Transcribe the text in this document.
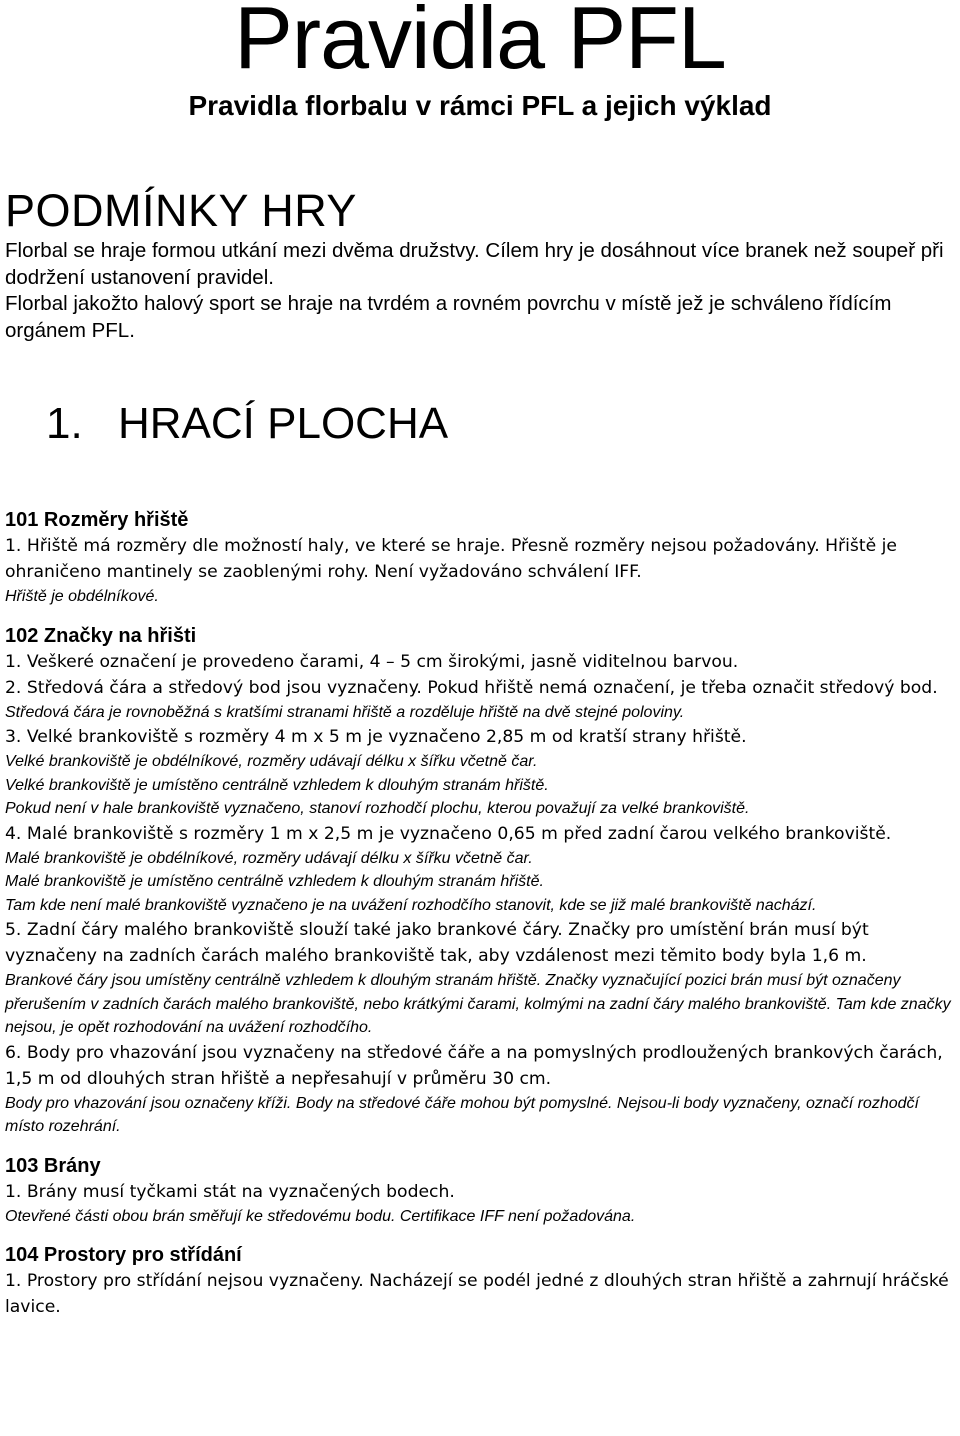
Pravidla PFL
Pravidla florbalu v rámci PFL a jejich výklad
PODMÍNKY HRY

Florbal se hraje formou utkání mezi dvěma družstvy. Cílem hry je dosáhnout více branek než soupeř při dodržení ustanovení pravidel.

Florbal jakožto halový sport se hraje na tvrdém a rovném povrchu v místě jež je schváleno řídícím orgánem PFL.

1. HRACÍ PLOCHA

101 Rozměry hřiště

1. Hřiště má rozměry dle možností haly, ve které se hraje. Přesně rozměry nejsou požadovány. Hřiště je ohraničeno mantinely se zaoblenými rohy. Není vyžadováno schválení IFF.

Hřiště je obdélníkové.

102 Značky na hřišti

1. Veškeré označení je provedeno čarami, 4 – 5 cm širokými, jasně viditelnou barvou.

2. Středová čára a středový bod jsou vyznačeny. Pokud hřiště nemá označení, je třeba označit středový bod.

Středová čára je rovnoběžná s kratšími stranami hřiště a rozděluje hřiště na dvě stejné poloviny.

3. Velké brankoviště s rozměry 4 m x 5 m je vyznačeno 2,85 m od kratší strany hřiště.

Velké brankoviště je obdélníkové, rozměry udávají délku x šířku včetně čar.

Velké brankoviště je umístěno centrálně vzhledem k dlouhým stranám hřiště.

Pokud není v hale brankoviště vyznačeno, stanoví rozhodčí plochu, kterou považují za velké brankoviště.

4. Malé brankoviště s rozměry 1 m x 2,5 m je vyznačeno 0,65 m před zadní čarou velkého brankoviště.

Malé brankoviště je obdélníkové, rozměry udávají délku x šířku včetně čar.

Malé brankoviště je umístěno centrálně vzhledem k dlouhým stranám hřiště.

Tam kde není malé brankoviště vyznačeno je na uvážení rozhodčího stanovit, kde se již malé brankoviště nachází.

5. Zadní čáry malého brankoviště slouží také jako brankové čáry. Značky pro umístění brán musí být vyznačeny na zadních čarách malého brankoviště tak, aby vzdálenost mezi těmito body byla 1,6 m.

Brankové čáry jsou umístěny centrálně vzhledem k dlouhým stranám hřiště. Značky vyznačující pozici brán musí být označeny přerušením v zadních čarách malého brankoviště, nebo krátkými čarami, kolmými na zadní čáry malého brankoviště. Tam kde značky nejsou, je opět rozhodování na uvážení rozhodčího.

6. Body pro vhazování jsou vyznačeny na středové čáře a na pomyslných prodloužených brankových čarách, 1,5 m od dlouhých stran hřiště a nepřesahují v průměru 30 cm.

Body pro vhazování jsou označeny kříži. Body na středové čáře mohou být pomyslné. Nejsou-li body vyznačeny, označí rozhodčí místo rozehrání.

103 Brány

1. Brány musí tyčkami stát na vyznačených bodech.

Otevřené části obou brán směřují ke středovému bodu. Certifikace IFF není požadována.

104 Prostory pro střídání

1. Prostory pro střídání nejsou vyznačeny. Nacházejí se podél jedné z dlouhých stran hřiště a zahrnují hráčské lavice.
